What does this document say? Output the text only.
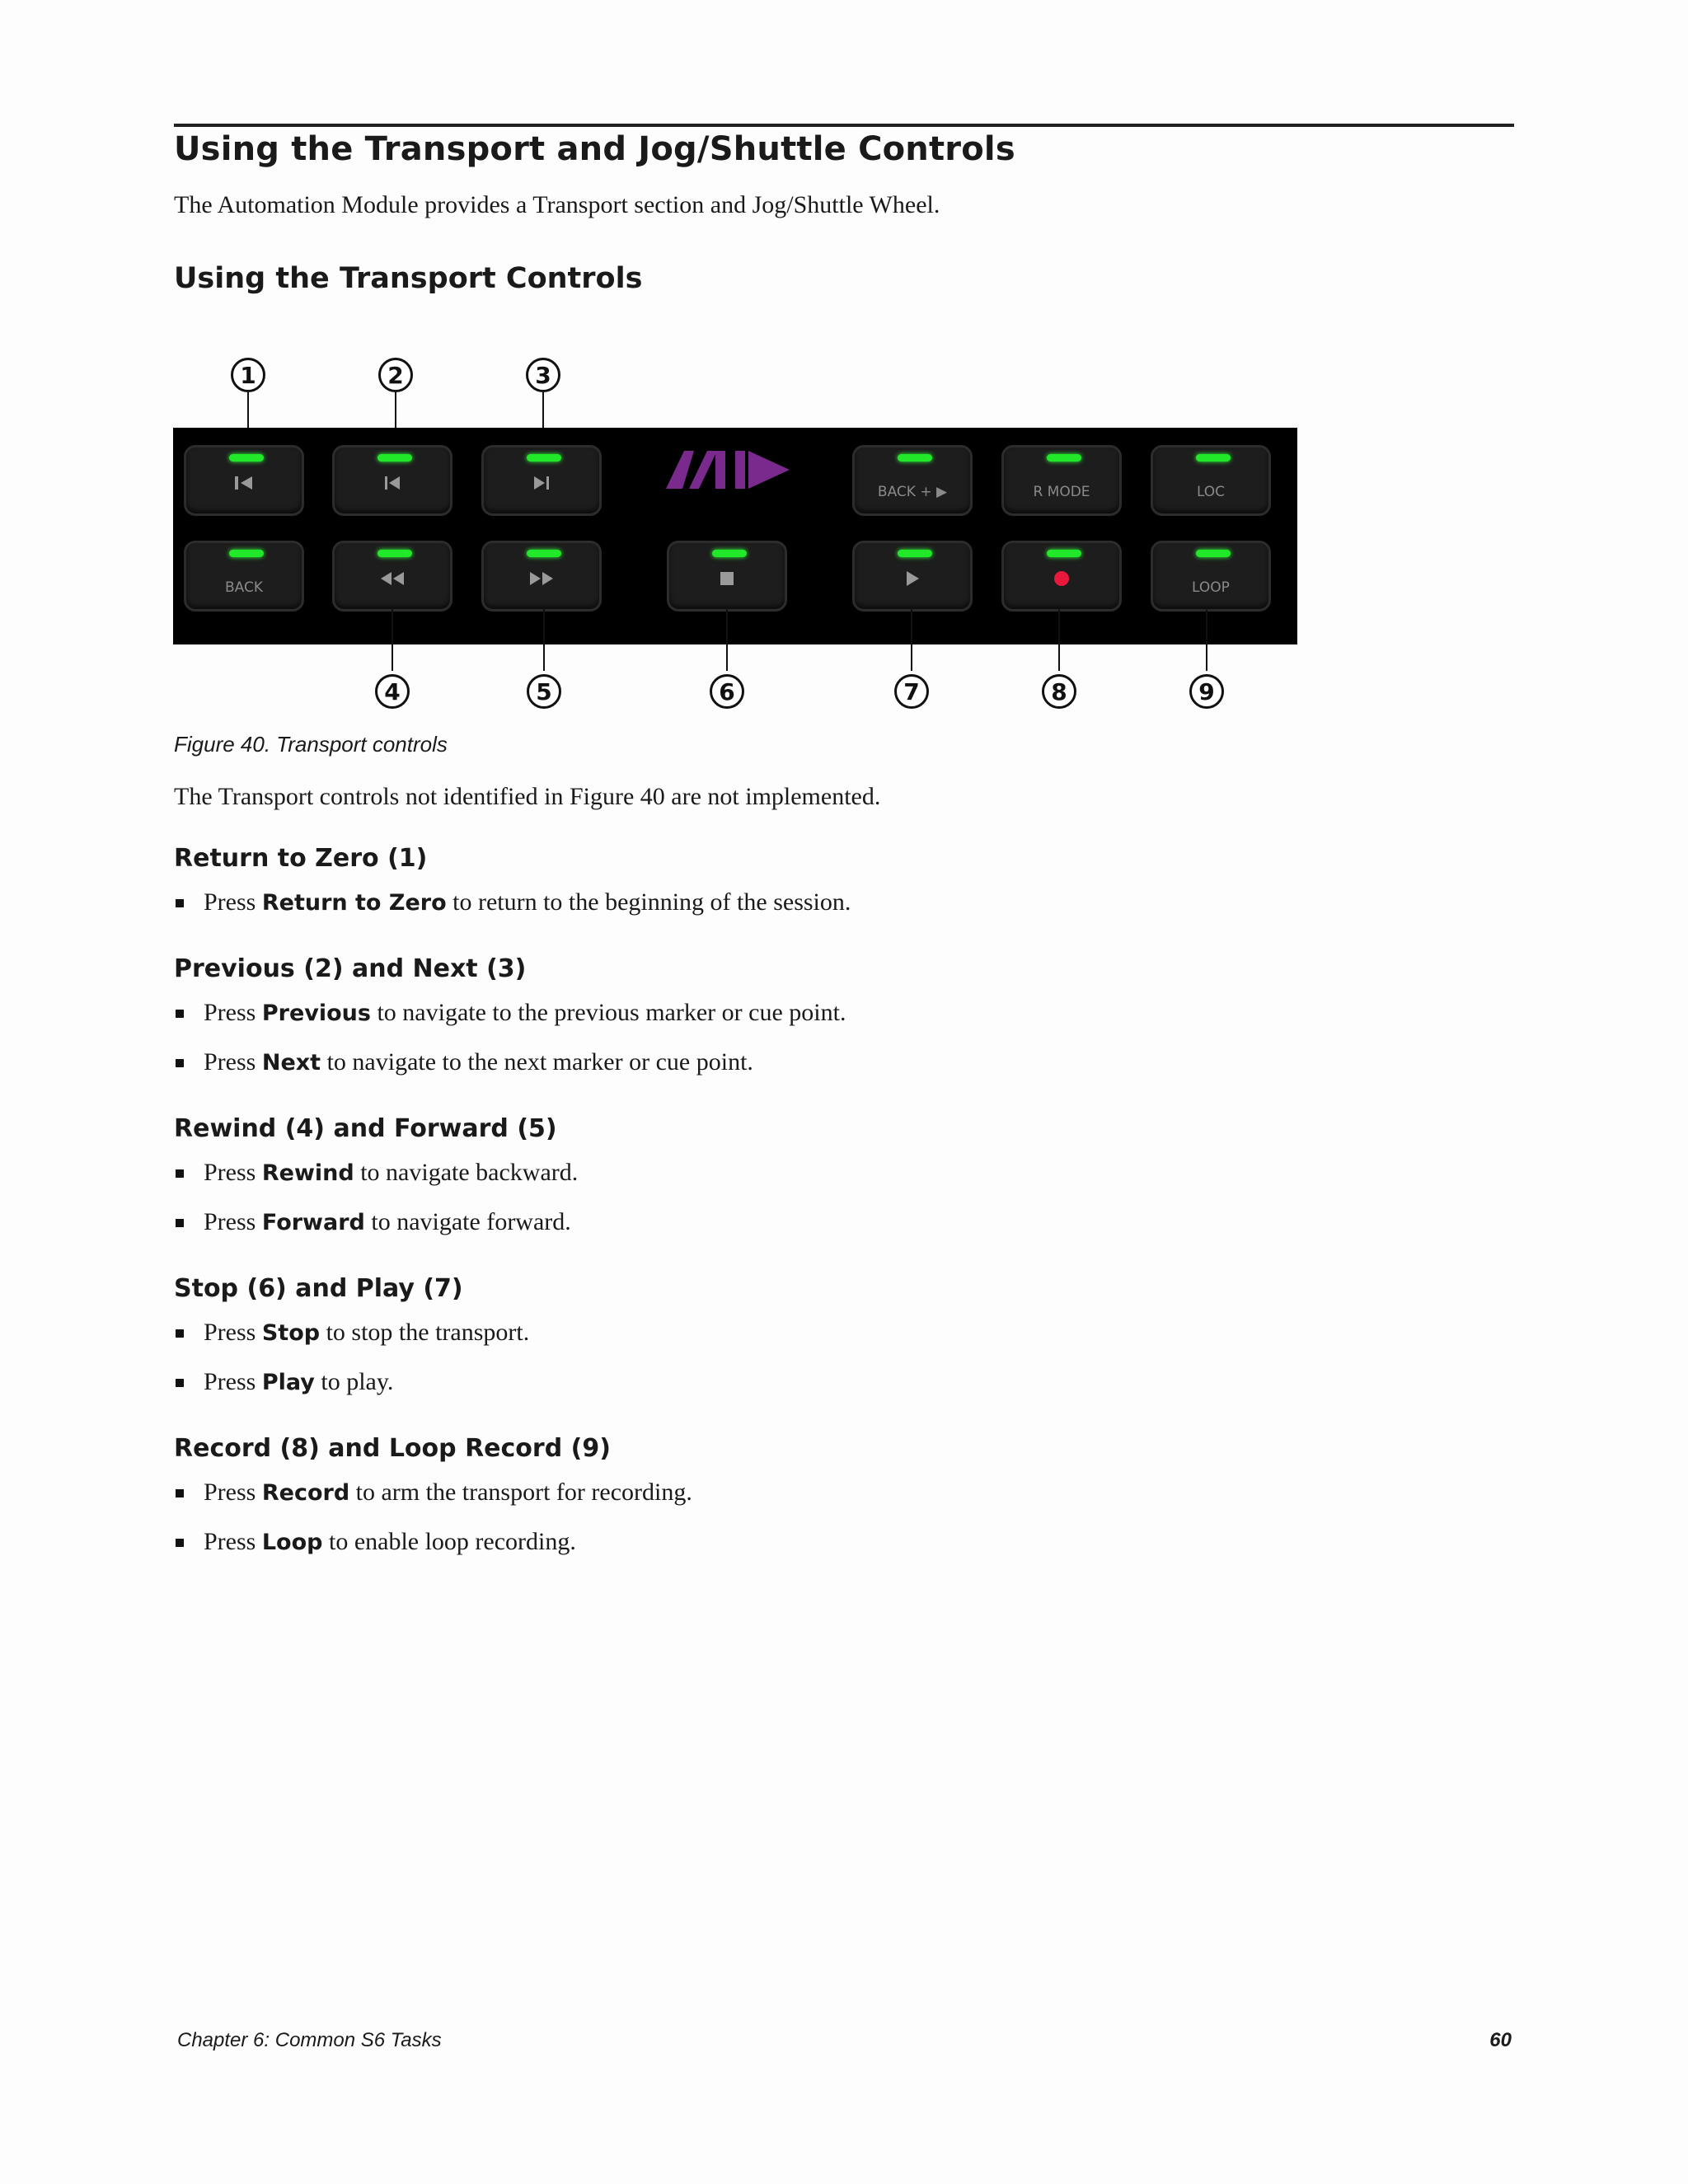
Using the Transport and Jog/Shuttle Controls

The Automation Module provides a Transport section and Jog/Shuttle Wheel.

Using the Transport Controls
1	2	3
BACK + ▶	R MODE	LOC
BACK	LOOP
4	5	6	7	8	9

Figure 40. Transport controls

The Transport controls not identified in Figure 40 are not implemented.

Return to Zero (1)
Press Return to Zero to return to the beginning of the session.
Previous (2) and Next (3)
Press Previous to navigate to the previous marker or cue point.
Press Next to navigate to the next marker or cue point.
Rewind (4) and Forward (5)
Press Rewind to navigate backward.
Press Forward to navigate forward.
Stop (6) and Play (7)
Press Stop to stop the transport.
Press Play to play.
Record (8) and Loop Record (9)
Press Record to arm the transport for recording.
Press Loop to enable loop recording.

Chapter 6: Common S6 Tasks	60
